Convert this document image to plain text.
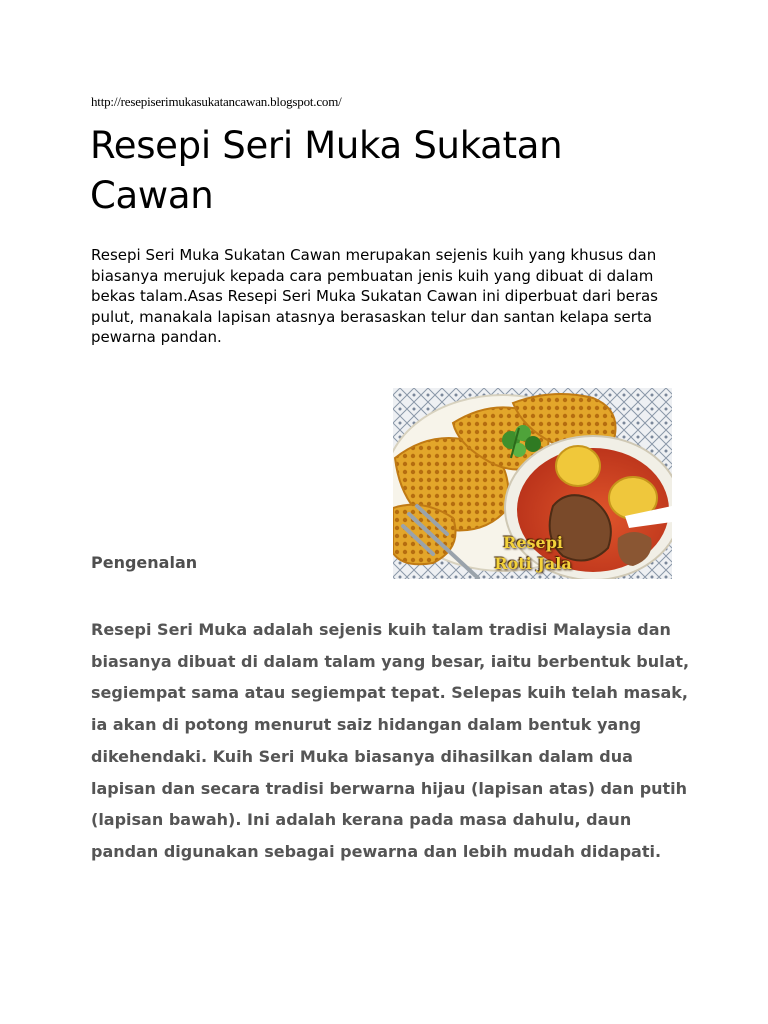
http://resepiserimukasukatancawan.blogspot.com/
Resepi Seri Muka Sukatan Cawan

Resepi Seri Muka Sukatan Cawan merupakan sejenis kuih yang khusus dan biasanya merujuk kepada cara pembuatan jenis kuih yang dibuat di dalam bekas talam.Asas Resepi Seri Muka Sukatan Cawan ini diperbuat dari beras pulut, manakala lapisan atasnya berasaskan telur dan santan kelapa serta pewarna pandan.

Resepi
Roti Jala
Pengenalan

Resepi Seri Muka adalah sejenis kuih talam tradisi Malaysia dan biasanya dibuat di dalam talam yang besar, iaitu berbentuk bulat, segiempat sama atau segiempat tepat. Selepas kuih telah masak, ia akan di potong menurut saiz hidangan dalam bentuk yang dikehendaki. Kuih Seri Muka biasanya dihasilkan dalam dua lapisan dan secara tradisi berwarna hijau (lapisan atas) dan putih (lapisan bawah). Ini adalah kerana pada masa dahulu, daun pandan digunakan sebagai pewarna dan lebih mudah didapati.
